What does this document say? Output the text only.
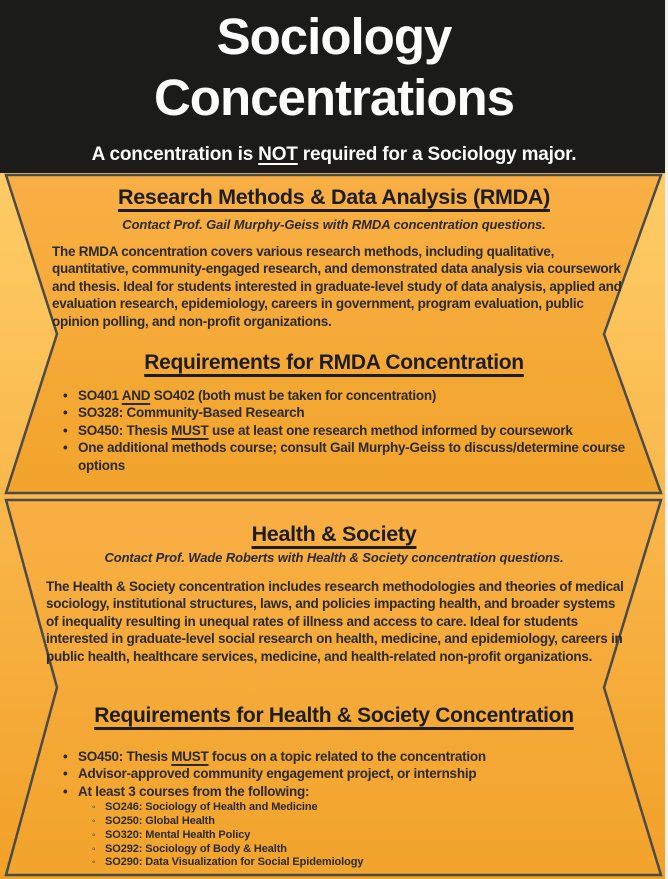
Sociology Concentrations

A concentration is NOT required for a Sociology major.

Research Methods & Data Analysis (RMDA)

Contact Prof. Gail Murphy-Geiss with RMDA concentration questions.

The RMDA concentration covers various research methods, including qualitative, quantitative, community-engaged research, and demonstrated data analysis via coursework and thesis. Ideal for students interested in graduate-level study of data analysis, applied and evaluation research, epidemiology, careers in government, program evaluation, public opinion polling, and non-profit organizations.

Requirements for RMDA Concentration
• SO401 AND SO402 (both must be taken for concentration)
• SO328: Community-Based Research
• SO450: Thesis MUST use at least one research method informed by coursework
• One additional methods course; consult Gail Murphy-Geiss to discuss/determine course options
Health & Society

Contact Prof. Wade Roberts with Health & Society concentration questions.

The Health & Society concentration includes research methodologies and theories of medical sociology, institutional structures, laws, and policies impacting health, and broader systems of inequality resulting in unequal rates of illness and access to care. Ideal for students interested in graduate-level social research on health, medicine, and epidemiology, careers in public health, healthcare services, medicine, and health-related non-profit organizations.

Requirements for Health & Society Concentration
• SO450: Thesis MUST focus on a topic related to the concentration
• Advisor-approved community engagement project, or internship
• At least 3 courses from the following:
◦ SO246: Sociology of Health and Medicine
◦ SO250: Global Health
◦ SO320: Mental Health Policy
◦ SO292: Sociology of Body & Health
◦ SO290: Data Visualization for Social Epidemiology
